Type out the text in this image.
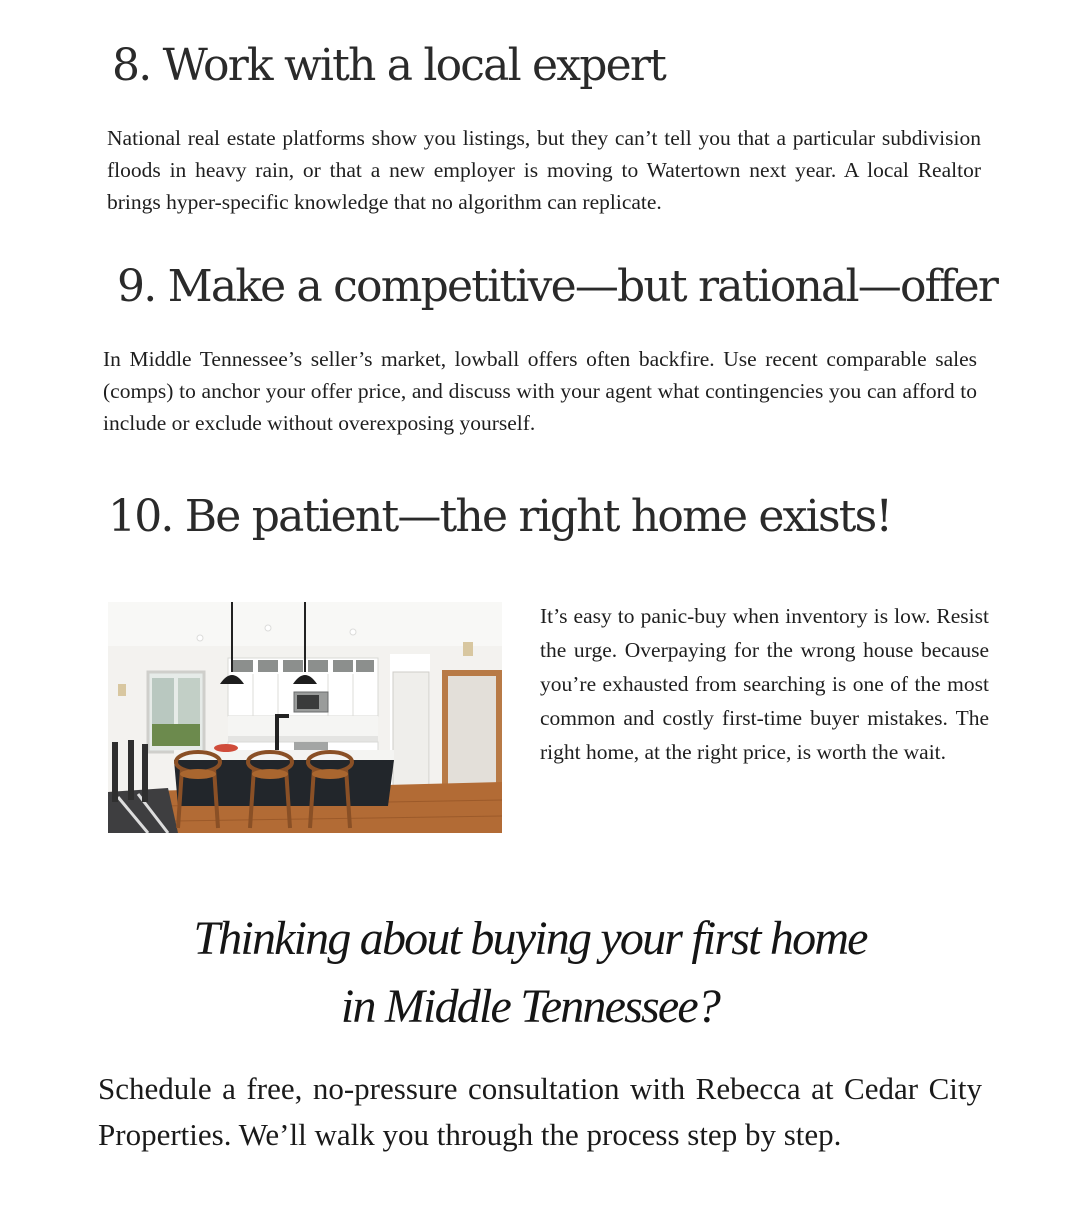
8. Work with a local expert

National real estate platforms show you listings, but they can’t tell you that a particular subdivision floods in heavy rain, or that a new employer is moving to Watertown next year. A local Realtor brings hyper-specific knowledge that no algorithm can replicate.

9. Make a competitive—but rational—offer

In Middle Tennessee’s seller’s market, lowball offers often backfire. Use recent comparable sales (comps) to anchor your offer price, and discuss with your agent what contingencies you can afford to include or exclude without overexposing yourself.

10. Be patient—the right home exists!

It’s easy to panic-buy when inventory is low. Resist the urge. Overpaying for the wrong house because you’re exhausted from searching is one of the most common and costly first-time buyer mistakes. The right home, at the right price, is worth the wait.

Thinking about buying your first home
in Middle Tennessee?

Schedule a free, no-pressure consultation with Rebecca at Cedar City Properties. We’ll walk you through the process step by step.
